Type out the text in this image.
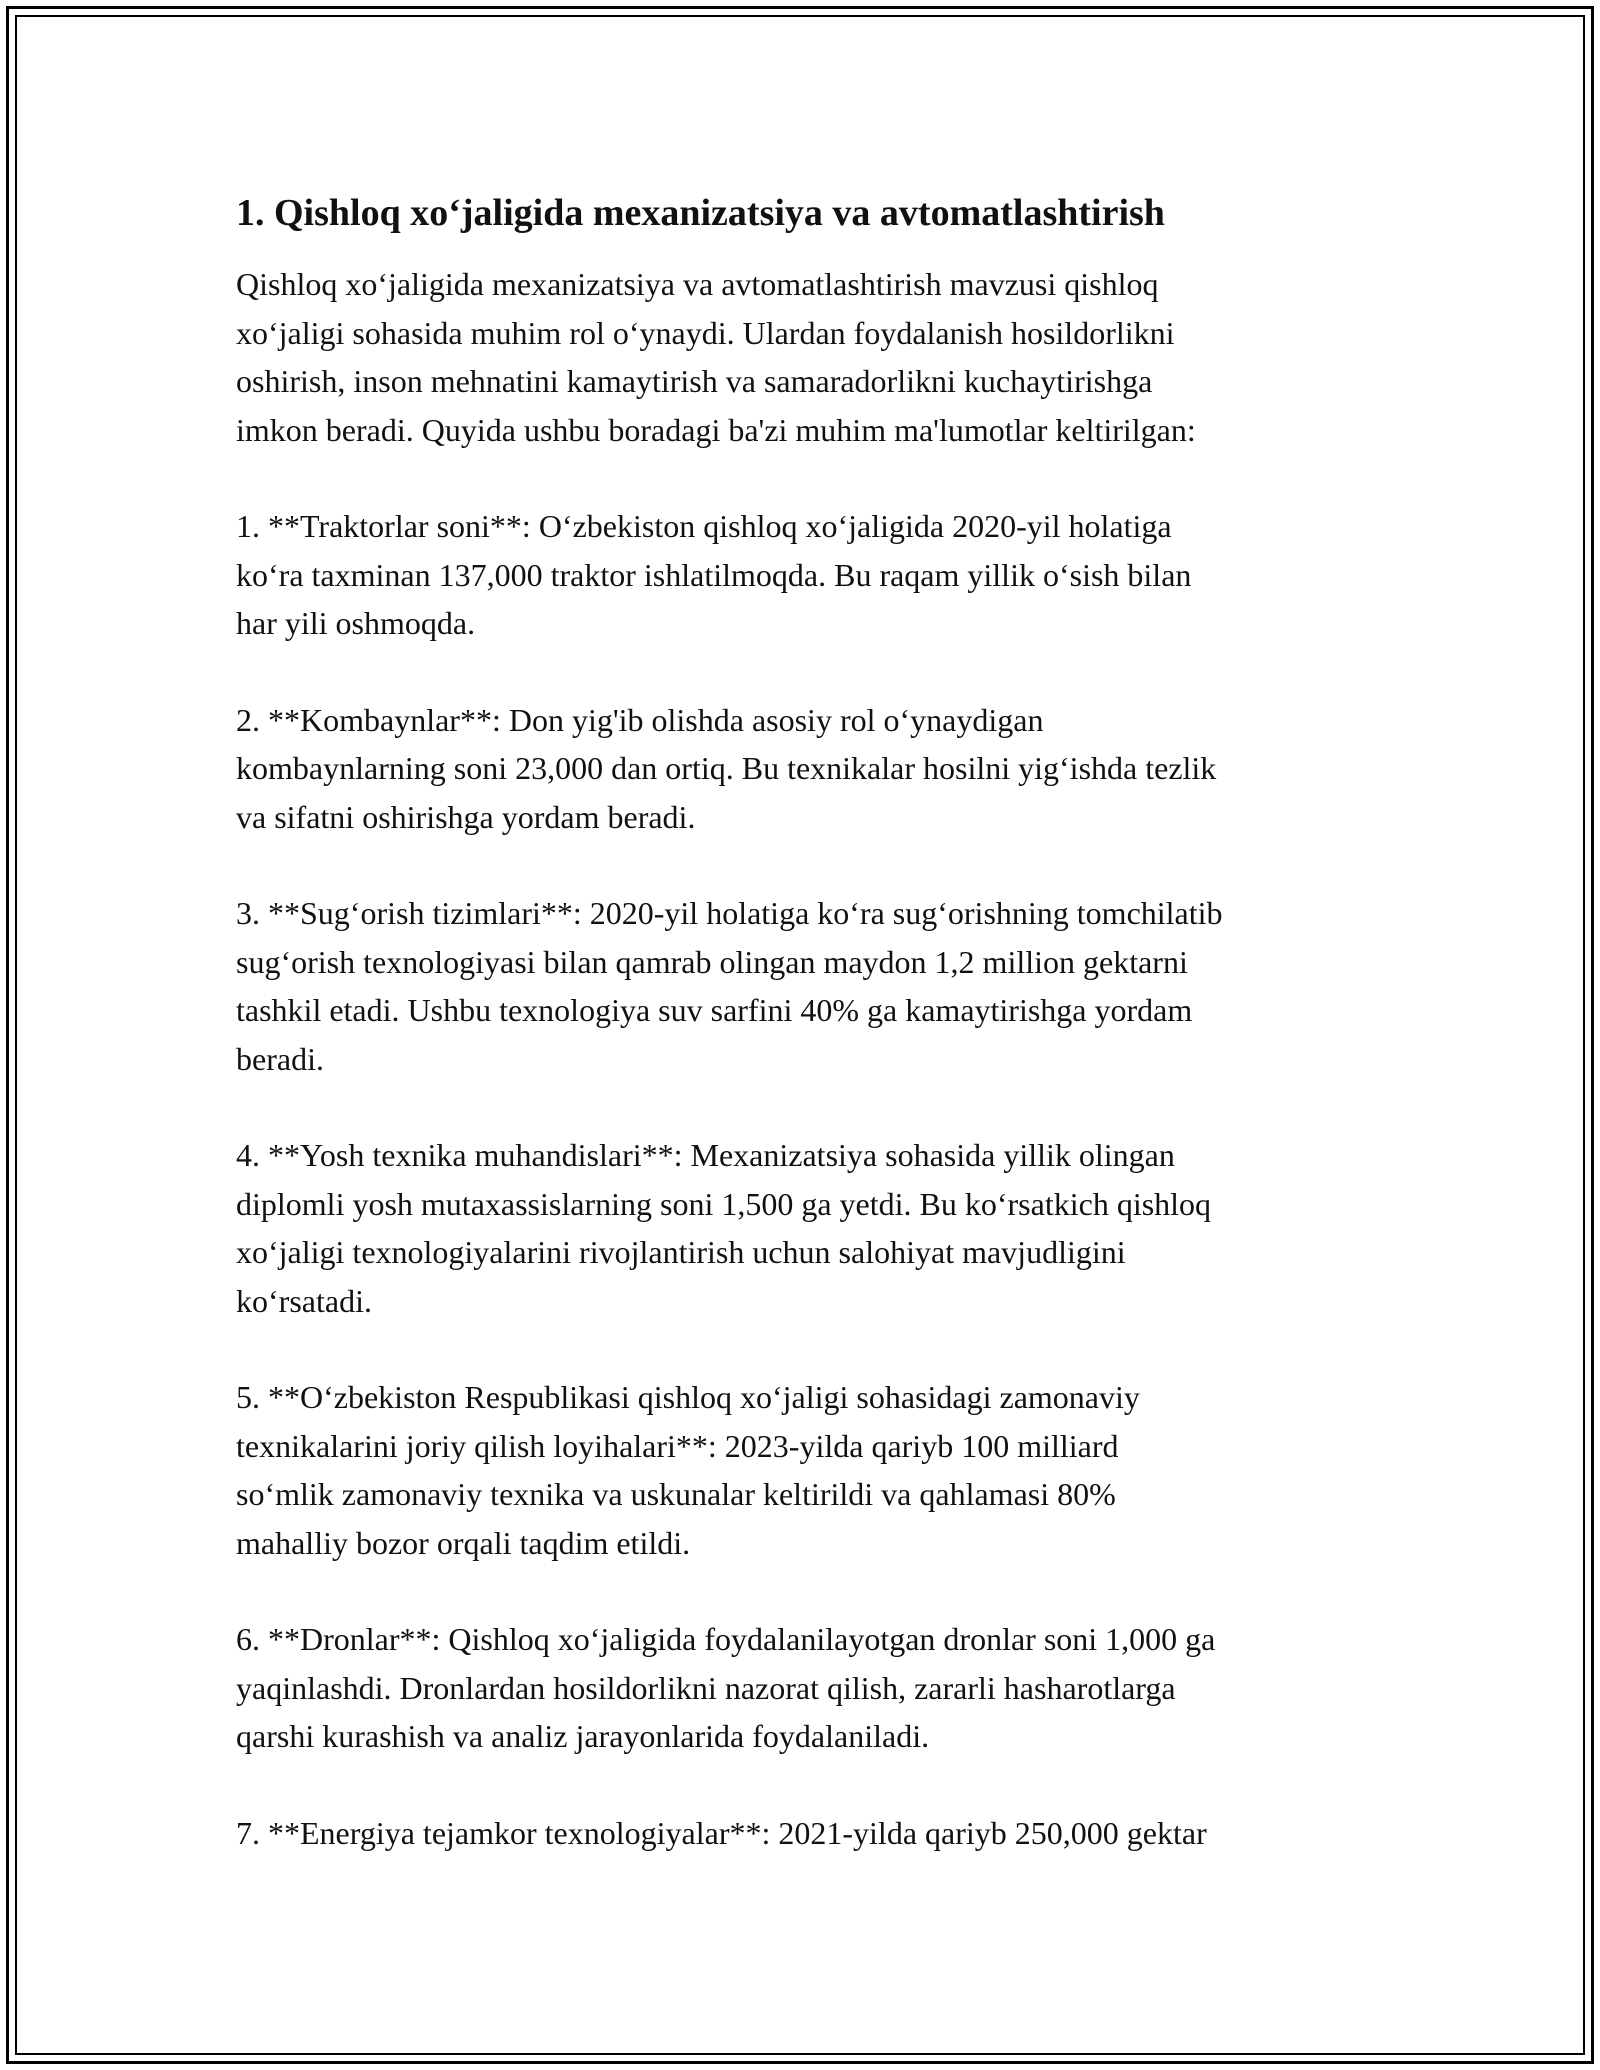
1. Qishloq xo‘jaligida mexanizatsiya va avtomatlashtirish

Qishloq xo‘jaligida mexanizatsiya va avtomatlashtirish mavzusi qishloq
xo‘jaligi sohasida muhim rol o‘ynaydi. Ulardan foydalanish hosildorlikni
oshirish, inson mehnatini kamaytirish va samaradorlikni kuchaytirishga
imkon beradi. Quyida ushbu boradagi ba'zi muhim ma'lumotlar keltirilgan:

1. **Traktorlar soni**: O‘zbekiston qishloq xo‘jaligida 2020-yil holatiga
ko‘ra taxminan 137,000 traktor ishlatilmoqda. Bu raqam yillik o‘sish bilan
har yili oshmoqda.

2. **Kombaynlar**: Don yig'ib olishda asosiy rol o‘ynaydigan
kombaynlarning soni 23,000 dan ortiq. Bu texnikalar hosilni yig‘ishda tezlik
va sifatni oshirishga yordam beradi.

3. **Sug‘orish tizimlari**: 2020-yil holatiga ko‘ra sug‘orishning tomchilatib
sug‘orish texnologiyasi bilan qamrab olingan maydon 1,2 million gektarni
tashkil etadi. Ushbu texnologiya suv sarfini 40% ga kamaytirishga yordam
beradi.

4. **Yosh texnika muhandislari**: Mexanizatsiya sohasida yillik olingan
diplomli yosh mutaxassislarning soni 1,500 ga yetdi. Bu ko‘rsatkich qishloq
xo‘jaligi texnologiyalarini rivojlantirish uchun salohiyat mavjudligini
ko‘rsatadi.

5. **O‘zbekiston Respublikasi qishloq xo‘jaligi sohasidagi zamonaviy
texnikalarini joriy qilish loyihalari**: 2023-yilda qariyb 100 milliard
so‘mlik zamonaviy texnika va uskunalar keltirildi va qahlamasi 80%
mahalliy bozor orqali taqdim etildi.

6. **Dronlar**: Qishloq xo‘jaligida foydalanilayotgan dronlar soni 1,000 ga
yaqinlashdi. Dronlardan hosildorlikni nazorat qilish, zararli hasharotlarga
qarshi kurashish va analiz jarayonlarida foydalaniladi.

7. **Energiya tejamkor texnologiyalar**: 2021-yilda qariyb 250,000 gektar
